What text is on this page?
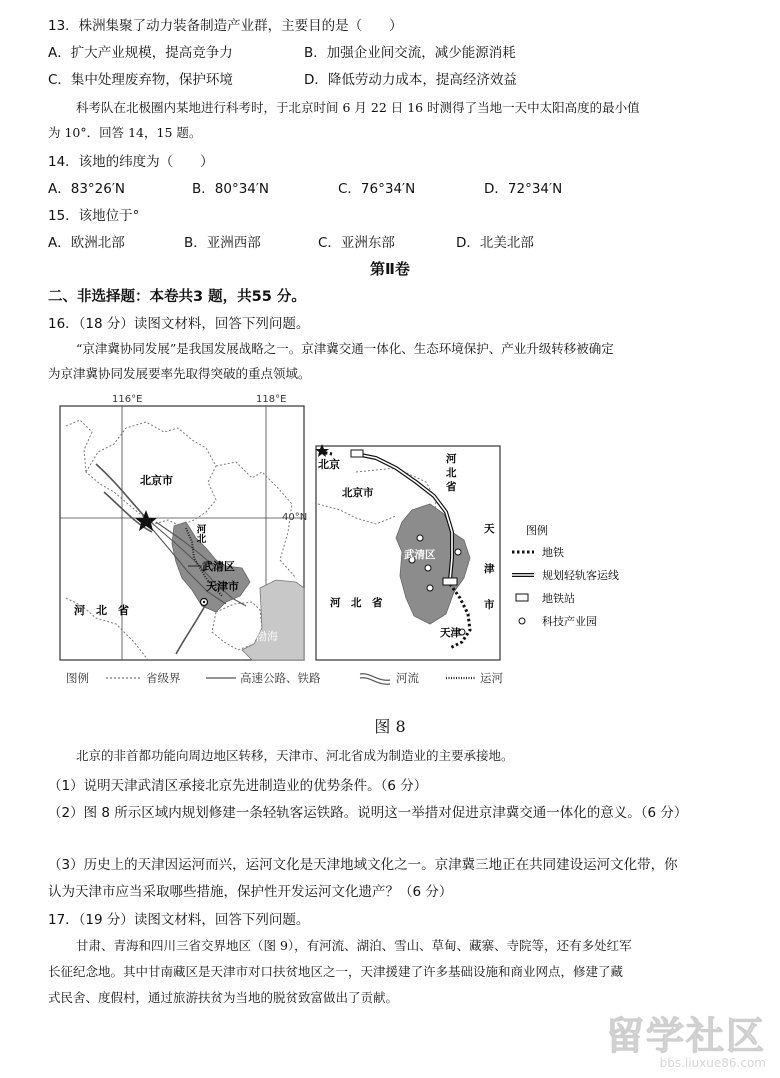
13．株洲集聚了动力装备制造产业群，主要目的是（　　）
A．扩大产业规模，提高竞争力	B．加强企业间交流，减少能源消耗
C．集中处理废弃物，保护环境	D．降低劳动力成本，提高经济效益
科考队在北极圈内某地进行科考时，于北京时间 6 月 22 日 16 时测得了当地一天中太阳高度的最小值
为 10°．回答 14，15 题。
14．该地的纬度为（　　）
A．83°26′N	B．80°34′N	C．76°34′N	D．72°34′N
15．该地位于°
A．欧洲北部	B．亚洲西部	C．亚洲东部	D．北美北部
第Ⅱ卷
二、非选择题：本卷共3 题，共55 分。
16．（18 分）读图文材料，回答下列问题。
“京津冀协同发展”是我国发展战略之一。京津冀交通一体化、生态环境保护、产业升级转移被确定
为京津冀协同发展要率先取得突破的重点领域。
116°E	118°E
40°N
北京市
河北
武清区
天津市
河　北　省
渤海
北京
北京市
河
北
省
武清区
天
津
市
河　北　省
天津
图例
地铁
规划轻轨客运线
地铁站
科技产业园
图例	省级界	高速公路、铁路	河流	运河
图 8
北京的非首都功能向周边地区转移，天津市、河北省成为制造业的主要承接地。
（1）说明天津武清区承接北京先进制造业的优势条件。（6 分）
（2）图 8 所示区域内规划修建一条轻轨客运铁路。说明这一举措对促进京津冀交通一体化的意义。（6 分）
（3）历史上的天津因运河而兴，运河文化是天津地域文化之一。京津冀三地正在共同建设运河文化带，你
认为天津市应当采取哪些措施，保护性开发运河文化遗产？（6 分）
17．（19 分）读图文材料，回答下列问题。
甘肃、青海和四川三省交界地区（图 9），有河流、湖泊、雪山、草甸、藏寨、寺院等，还有多处红军
长征纪念地。其中甘南藏区是天津市对口扶贫地区之一，天津援建了许多基础设施和商业网点，修建了藏
式民舍、度假村，通过旅游扶贫为当地的脱贫致富做出了贡献。
留学社区
bbs.liuxue86.com
